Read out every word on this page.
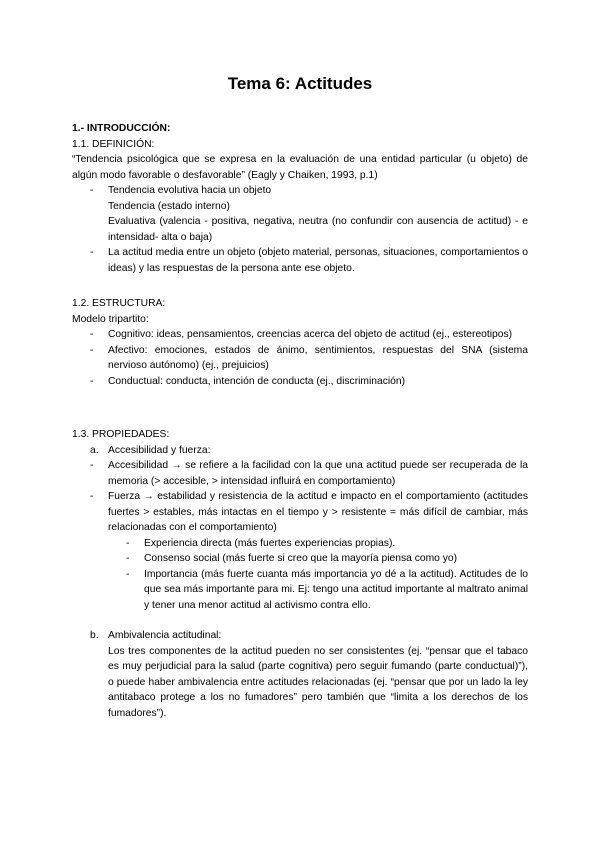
Tema 6: Actitudes
1.- INTRODUCCIÓN:
1.1. DEFINICIÓN:
“Tendencia psicológica que se expresa en la evaluación de una entidad particular (u objeto) de algún modo favorable o desfavorable” (Eagly y Chaiken, 1993, p.1)
- Tendencia evolutiva hacia un objeto
Tendencia (estado interno)
Evaluativa (valencia - positiva, negativa, neutra (no confundir con ausencia de actitud) - e intensidad- alta o baja)
- La actitud media entre un objeto (objeto material, personas, situaciones, comportamientos o ideas) y las respuestas de la persona ante ese objeto.
1.2. ESTRUCTURA:
Modelo tripartito:
- Cognitivo: ideas, pensamientos, creencias acerca del objeto de actitud (ej., estereotipos)
- Afectivo: emociones, estados de ánimo, sentimientos, respuestas del SNA (sistema nervioso autónomo) (ej., prejuicios)
- Conductual: conducta, intención de conducta (ej., discriminación)
1.3. PROPIEDADES:
a. Accesibilidad y fuerza:
- Accesibilidad → se refiere a la facilidad con la que una actitud puede ser recuperada de la memoria (> accesible, > intensidad influirá en comportamiento)
- Fuerza → estabilidad y resistencia de la actitud e impacto en el comportamiento (actitudes fuertes > estables, más intactas en el tiempo y > resistente = más difícil de cambiar, más relacionadas con el comportamiento)
- Experiencia directa (más fuertes experiencias propias).
- Consenso social (más fuerte si creo que la mayoría piensa como yo)
- Importancia (más fuerte cuanta más importancia yo dé a la actitud). Actitudes de lo que sea más importante para mi. Ej: tengo una actitud importante al maltrato animal y tener una menor actitud al activismo contra ello.
b. Ambivalencia actitudinal:
Los tres componentes de la actitud pueden no ser consistentes (ej. “pensar que el tabaco es muy perjudicial para la salud (parte cognitiva) pero seguir fumando (parte conductual)”), o puede haber ambivalencia entre actitudes relacionadas (ej. “pensar que por un lado la ley antitabaco protege a los no fumadores” pero también que “limita a los derechos de los fumadores”).
